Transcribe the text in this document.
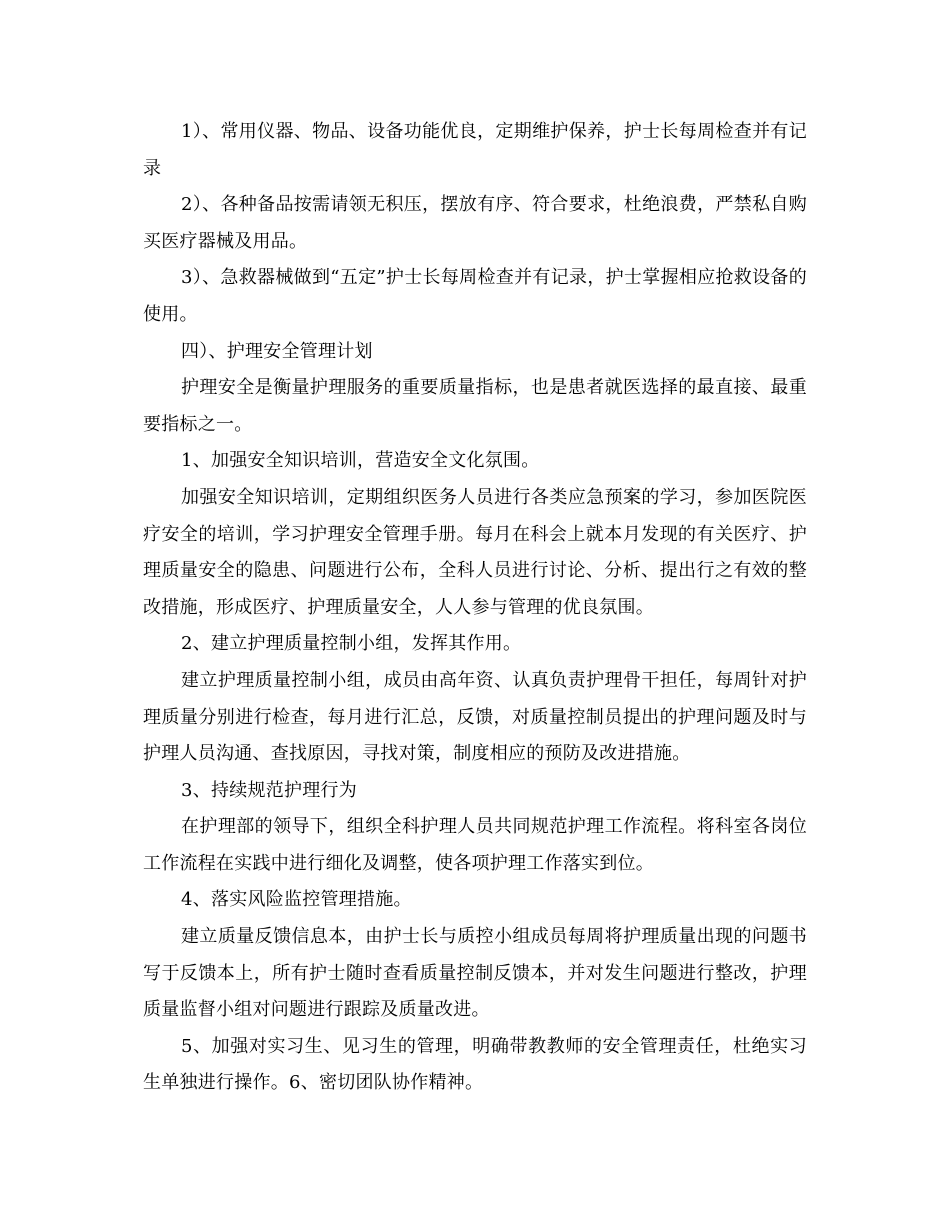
1）、常用仪器、物品、设备功能优良，定期维护保养，护士长每周检查并有记录

2）、各种备品按需请领无积压，摆放有序、符合要求，杜绝浪费，严禁私自购买医疗器械及用品。

3）、急救器械做到“五定”护士长每周检查并有记录，护士掌握相应抢救设备的使用。

四）、护理安全管理计划

护理安全是衡量护理服务的重要质量指标，也是患者就医选择的最直接、最重要指标之一。

1、加强安全知识培训，营造安全文化氛围。

加强安全知识培训，定期组织医务人员进行各类应急预案的学习，参加医院医疗安全的培训，学习护理安全管理手册。每月在科会上就本月发现的有关医疗、护理质量安全的隐患、问题进行公布，全科人员进行讨论、分析、提出行之有效的整改措施，形成医疗、护理质量安全，人人参与管理的优良氛围。

2、建立护理质量控制小组，发挥其作用。

建立护理质量控制小组，成员由高年资、认真负责护理骨干担任，每周针对护理质量分别进行检查，每月进行汇总，反馈，对质量控制员提出的护理问题及时与护理人员沟通、查找原因，寻找对策，制度相应的预防及改进措施。

3、持续规范护理行为

在护理部的领导下，组织全科护理人员共同规范护理工作流程。将科室各岗位工作流程在实践中进行细化及调整，使各项护理工作落实到位。

4、落实风险监控管理措施。

建立质量反馈信息本，由护士长与质控小组成员每周将护理质量出现的问题书写于反馈本上，所有护士随时查看质量控制反馈本，并对发生问题进行整改，护理质量监督小组对问题进行跟踪及质量改进。

5、加强对实习生、见习生的管理，明确带教教师的安全管理责任，杜绝实习生单独进行操作。6、密切团队协作精神。
